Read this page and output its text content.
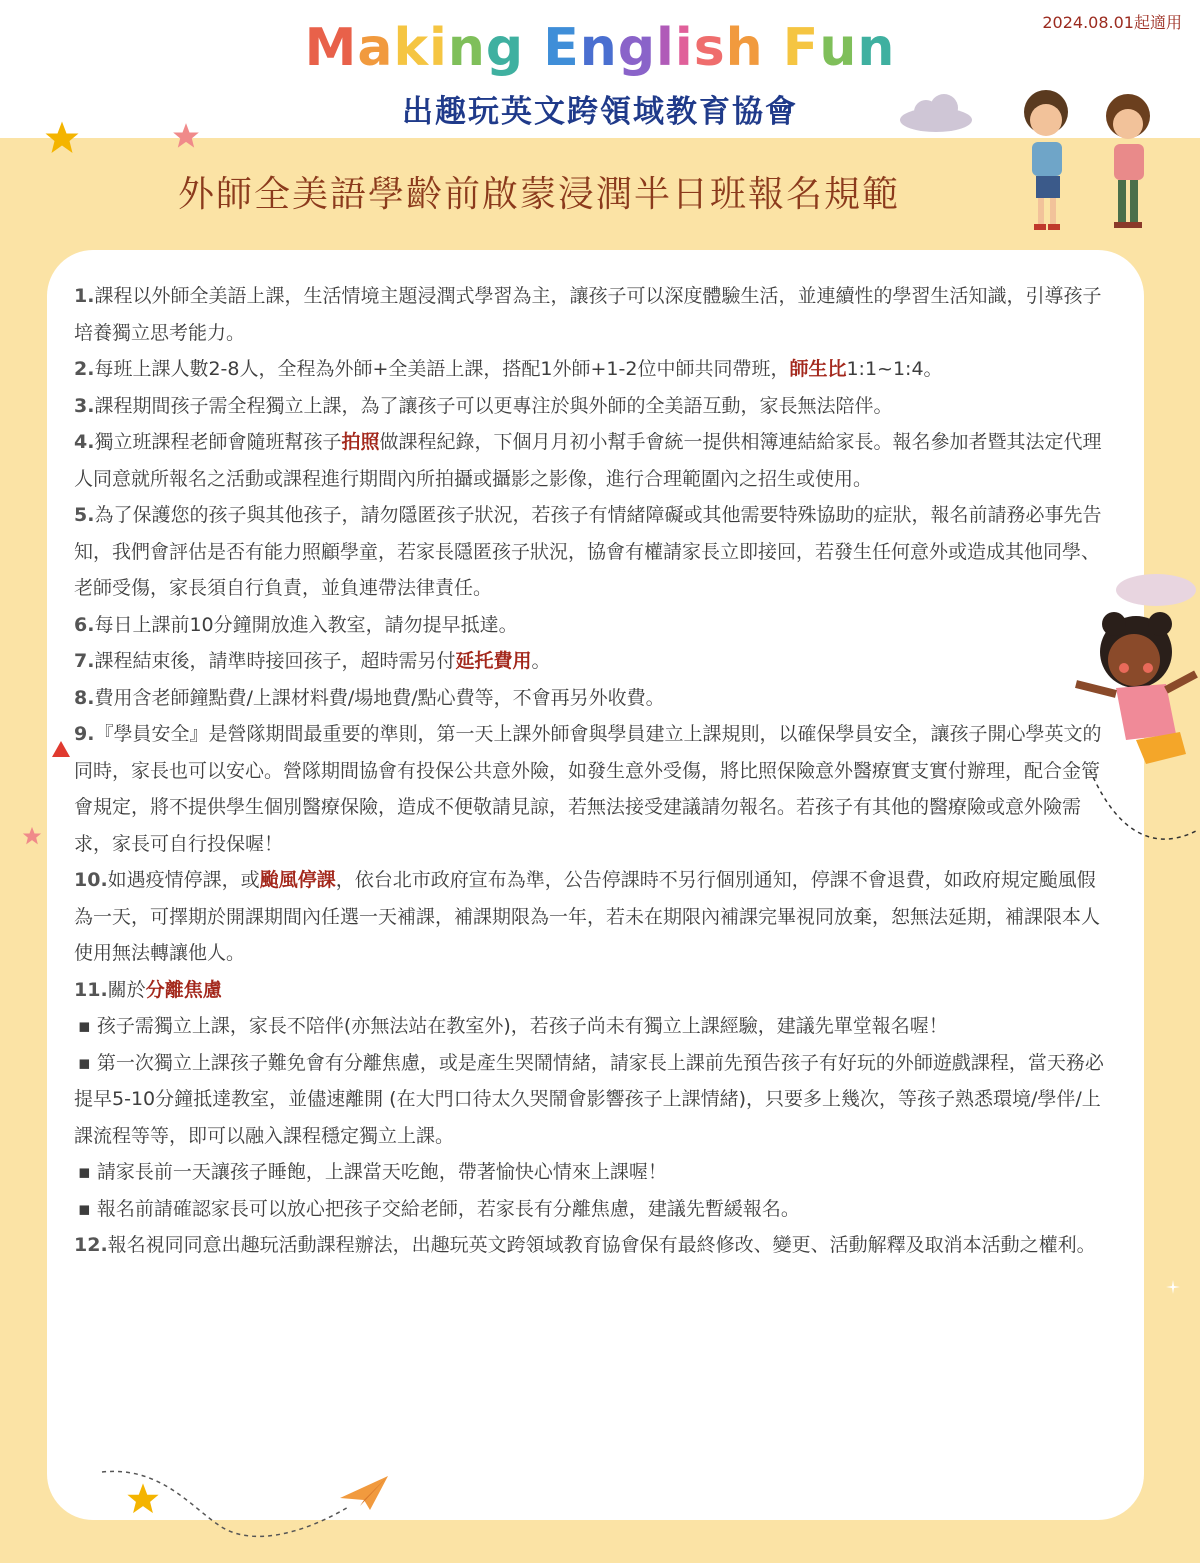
2024.08.01起適用
Making English Fun
出趣玩英文跨領域教育協會
外師全美語學齡前啟蒙浸潤半日班報名規範

1.課程以外師全美語上課，生活情境主題浸潤式學習為主，讓孩子可以深度體驗生活，並連續性的學習生活知識，引導孩子培養獨立思考能力。

2.每班上課人數2-8人，全程為外師+全美語上課，搭配1外師+1-2位中師共同帶班，師生比1:1~1:4。

3.課程期間孩子需全程獨立上課，為了讓孩子可以更專注於與外師的全美語互動，家長無法陪伴。

4.獨立班課程老師會隨班幫孩子拍照做課程紀錄，下個月月初小幫手會統一提供相簿連結給家長。報名參加者暨其法定代理人同意就所報名之活動或課程進行期間內所拍攝或攝影之影像，進行合理範圍內之招生或使用。

5.為了保護您的孩子與其他孩子，請勿隱匿孩子狀況，若孩子有情緒障礙或其他需要特殊協助的症狀，報名前請務必事先告知，我們會評估是否有能力照顧學童，若家長隱匿孩子狀況，協會有權請家長立即接回，若發生任何意外或造成其他同學、老師受傷，家長須自行負責，並負連帶法律責任。

6.每日上課前10分鐘開放進入教室，請勿提早抵達。

7.課程結束後，請準時接回孩子，超時需另付延托費用。

8.費用含老師鐘點費/上課材料費/場地費/點心費等，不會再另外收費。

9.『學員安全』是營隊期間最重要的準則，第一天上課外師會與學員建立上課規則，以確保學員安全，讓孩子開心學英文的同時，家長也可以安心。營隊期間協會有投保公共意外險，如發生意外受傷，將比照保險意外醫療實支實付辦理，配合金管會規定，將不提供學生個別醫療保險，造成不便敬請見諒，若無法接受建議請勿報名。若孩子有其他的醫療險或意外險需求，家長可自行投保喔！

10.如遇疫情停課，或颱風停課，依台北市政府宣布為準，公告停課時不另行個別通知，停課不會退費，如政府規定颱風假為一天，可擇期於開課期間內任選一天補課，補課期限為一年，若未在期限內補課完畢視同放棄，恕無法延期，補課限本人使用無法轉讓他人。

11.關於分離焦慮

▪ 孩子需獨立上課，家長不陪伴(亦無法站在教室外)，若孩子尚未有獨立上課經驗，建議先單堂報名喔！

▪ 第一次獨立上課孩子難免會有分離焦慮，或是產生哭鬧情緒，請家長上課前先預告孩子有好玩的外師遊戲課程，當天務必提早5-10分鐘抵達教室，並儘速離開 (在大門口待太久哭鬧會影響孩子上課情緒)，只要多上幾次，等孩子熟悉環境/學伴/上課流程等等，即可以融入課程穩定獨立上課。

▪ 請家長前一天讓孩子睡飽，上課當天吃飽，帶著愉快心情來上課喔！

▪ 報名前請確認家長可以放心把孩子交給老師，若家長有分離焦慮，建議先暫緩報名。

12.報名視同同意出趣玩活動課程辦法，出趣玩英文跨領域教育協會保有最終修改、變更、活動解釋及取消本活動之權利。
